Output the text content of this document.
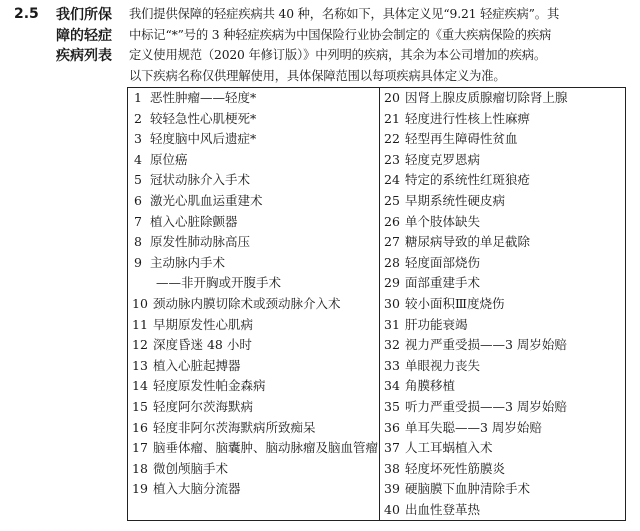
2.5 我们所保障的轻症疾病列表

我们提供保障的轻症疾病共 40 种，名称如下，具体定义见“9.21 轻症疾病”。其

中标记“*”号的 3 种轻症疾病为中国保险行业协会制定的《重大疾病保险的疾病

定义使用规范（2020 年修订版）》中列明的疾病，其余为本公司增加的疾病。

以下疾病名称仅供理解使用，具体保障范围以每项疾病具体定义为准。

1 恶性肿瘤——轻度*
2 较轻急性心肌梗死*
3 轻度脑中风后遗症*
4 原位癌
5 冠状动脉介入手术
6 激光心肌血运重建术
7 植入心脏除颤器
8 原发性肺动脉高压
9 主动脉内手术
——非开胸或开腹手术
10 颈动脉内膜切除术或颈动脉介入术
11 早期原发性心肌病
12 深度昏迷 48 小时
13 植入心脏起搏器
14 轻度原发性帕金森病
15 轻度阿尔茨海默病
16 轻度非阿尔茨海默病所致痴呆
17 脑垂体瘤、脑囊肿、脑动脉瘤及脑血管瘤
18 微创颅脑手术
19 植入大脑分流器

20 因肾上腺皮质腺瘤切除肾上腺
21 轻度进行性核上性麻痹
22 轻型再生障碍性贫血
23 轻度克罗恩病
24 特定的系统性红斑狼疮
25 早期系统性硬皮病
26 单个肢体缺失
27 糖尿病导致的单足截除
28 轻度面部烧伤
29 面部重建手术
30 较小面积Ⅲ度烧伤
31 肝功能衰竭
32 视力严重受损——3 周岁始赔
33 单眼视力丧失
34 角膜移植
35 听力严重受损——3 周岁始赔
36 单耳失聪——3 周岁始赔
37 人工耳蜗植入术
38 轻度坏死性筋膜炎
39 硬脑膜下血肿清除手术
40 出血性登革热
